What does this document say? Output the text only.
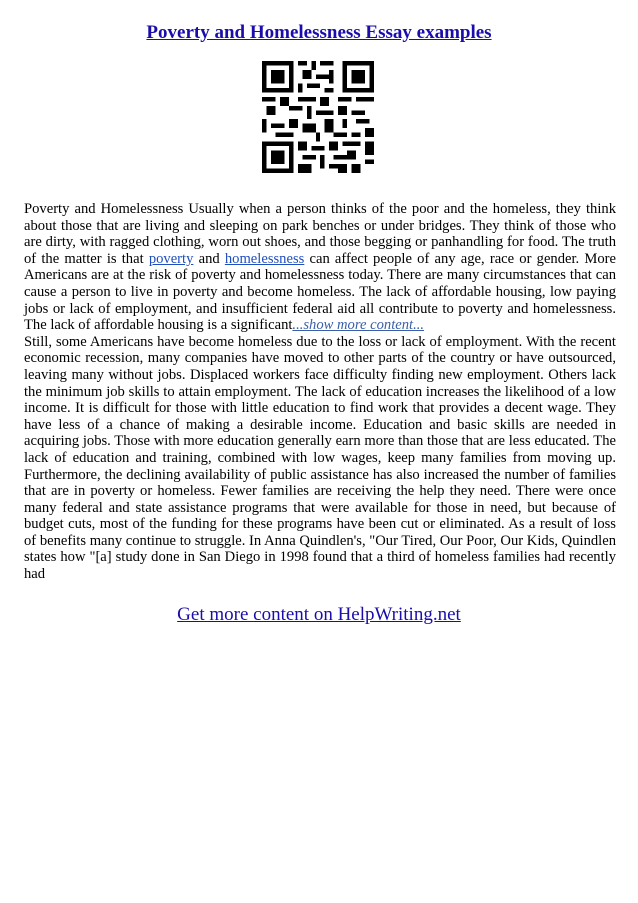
Poverty and Homelessness Essay examples

Poverty and Homelessness Usually when a person thinks of the poor and the homeless, they think about those that are living and sleeping on park benches or under bridges. They think of those who are dirty, with ragged clothing, worn out shoes, and those begging or panhandling for food. The truth of the matter is that poverty and homelessness can affect people of any age, race or gender. More Americans are at the risk of poverty and homelessness today. There are many circumstances that can cause a person to live in poverty and become homeless. The lack of affordable housing, low paying jobs or lack of employment, and insufficient federal aid all contribute to poverty and homelessness. The lack of affordable housing is a significant...show more content...

Still, some Americans have become homeless due to the loss or lack of employment. With the recent economic recession, many companies have moved to other parts of the country or have outsourced, leaving many without jobs. Displaced workers face difficulty finding new employment. Others lack the minimum job skills to attain employment. The lack of education increases the likelihood of a low income. It is difficult for those with little education to find work that provides a decent wage. They have less of a chance of making a desirable income. Education and basic skills are needed in acquiring jobs. Those with more education generally earn more than those that are less educated. The lack of education and training, combined with low wages, keep many families from moving up. Furthermore, the declining availability of public assistance has also increased the number of families that are in poverty or homeless. Fewer families are receiving the help they need. There were once many federal and state assistance programs that were available for those in need, but because of budget cuts, most of the funding for these programs have been cut or eliminated. As a result of loss of benefits many continue to struggle. In Anna Quindlen's, "Our Tired, Our Poor, Our Kids, Quindlen states how "[a] study done in San Diego in 1998 found that a third of homeless families had recently had

Get more content on HelpWriting.net
